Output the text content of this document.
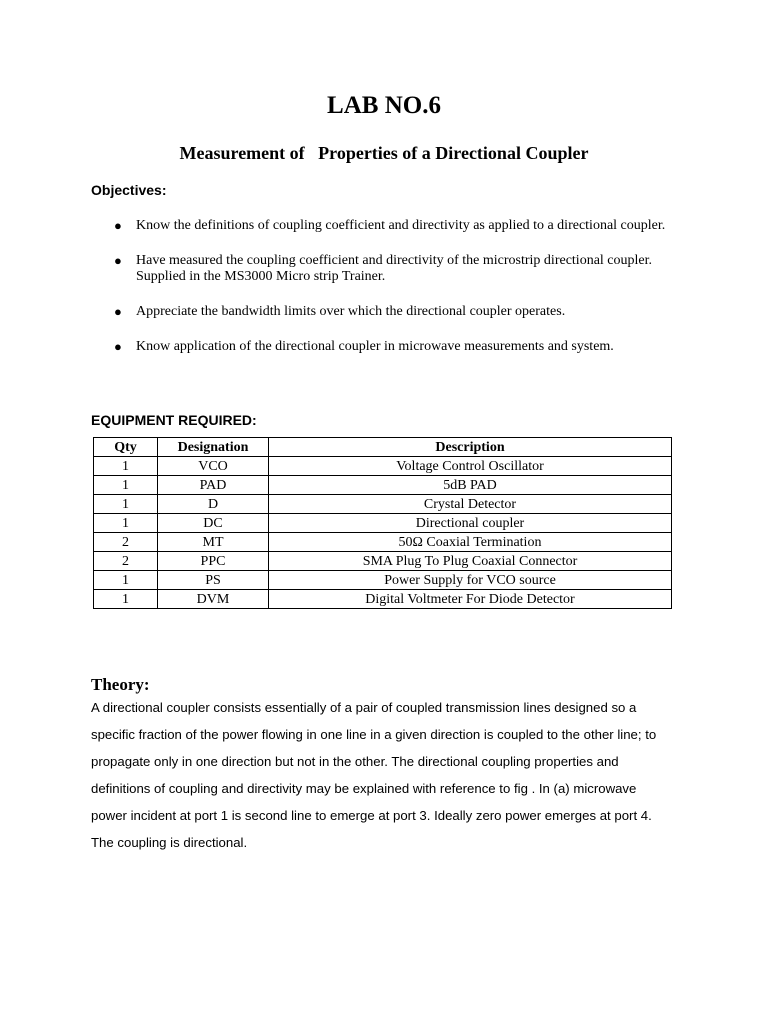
LAB NO.6
Measurement of   Properties of a Directional Coupler
Objectives:
● Know the definitions of coupling coefficient and directivity as applied to a directional coupler.
● Have measured the coupling coefficient and directivity of the microstrip directional coupler. Supplied in the MS3000 Micro strip Trainer.
● Appreciate the bandwidth limits over which the directional coupler operates.
● Know application of the directional coupler in microwave measurements and system.
EQUIPMENT REQUIRED:
Qty	Designation	Description
1	VCO	Voltage Control Oscillator
1	PAD	5dB PAD
1	D	Crystal Detector
1	DC	Directional coupler
2	MT	50Ω Coaxial Termination
2	PPC	SMA Plug To Plug Coaxial Connector
1	PS	Power Supply for VCO source
1	DVM	Digital Voltmeter For Diode Detector
Theory:
A directional coupler consists essentially of a pair of coupled transmission lines designed so a
specific fraction of the power flowing in one line in a given direction is coupled to the other line; to
propagate only in one direction but not in the other. The directional coupling properties and
definitions of coupling and directivity may be explained with reference to fig . In (a) microwave
power incident at port 1 is second line to emerge at port 3. Ideally zero power emerges at port 4.
The coupling is directional.
